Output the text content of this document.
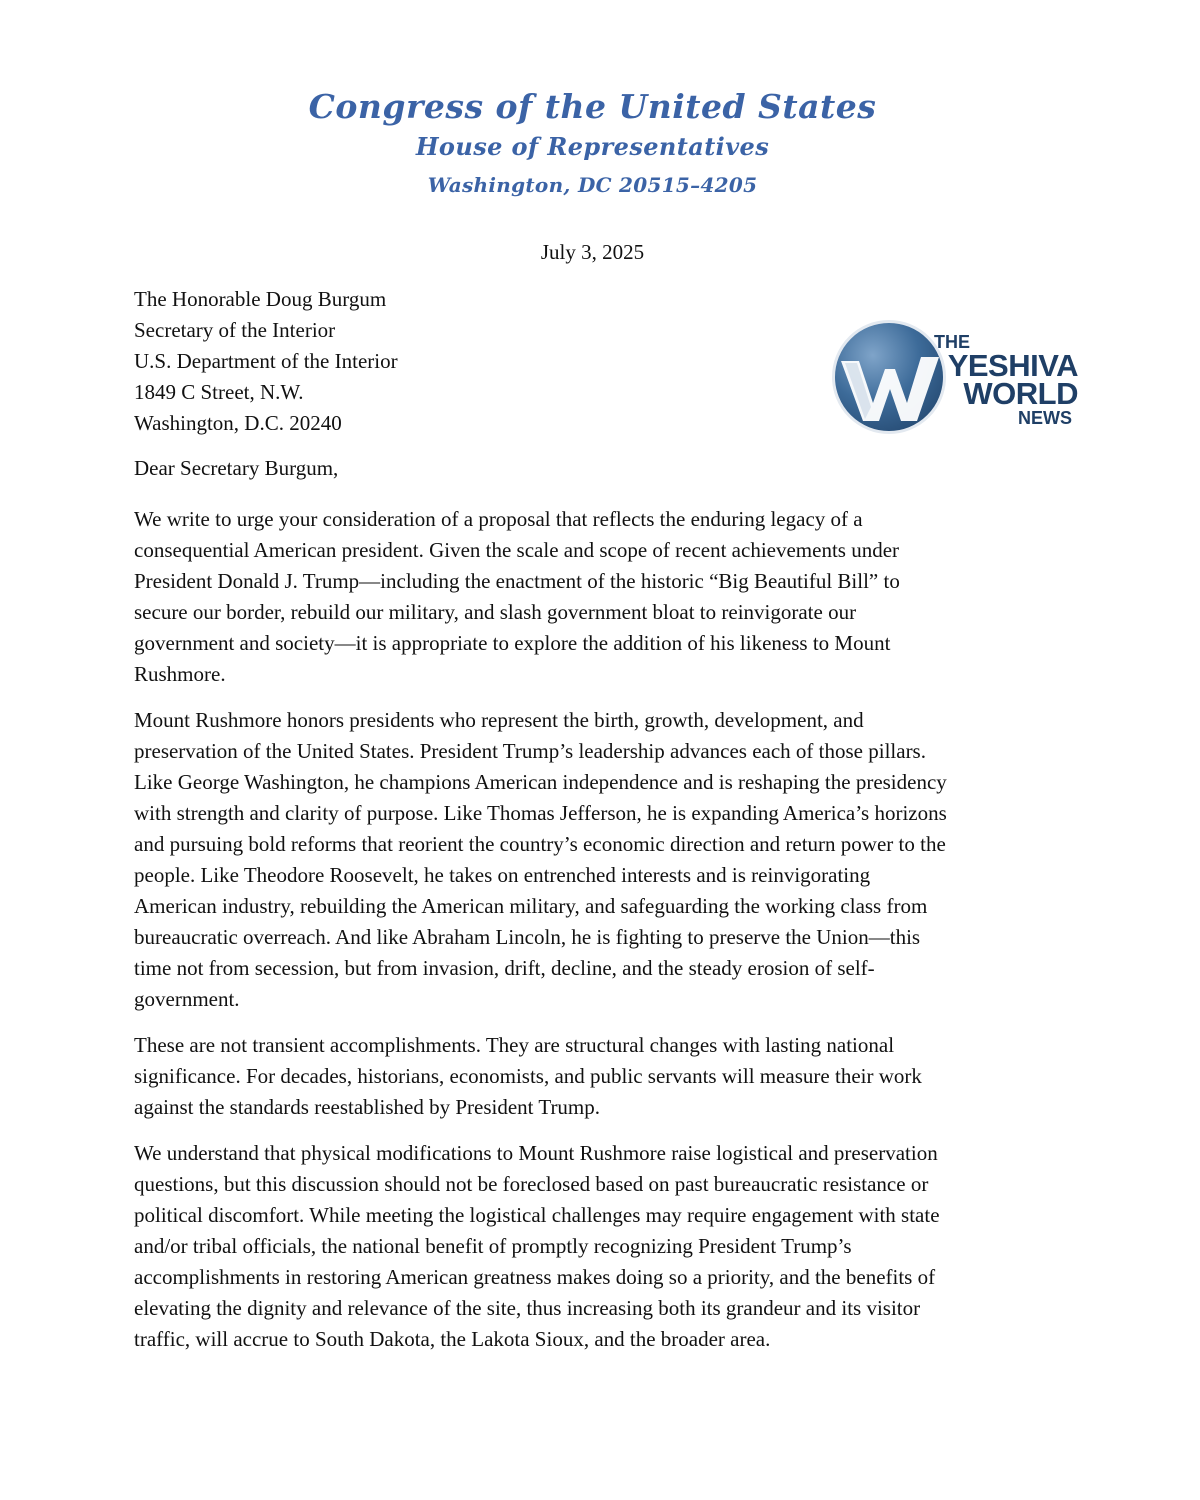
Congress of the United States
House of Representatives
Washington, DC 20515–4205
July 3, 2025
The Honorable Doug Burgum
Secretary of the Interior
U.S. Department of the Interior
1849 C Street, N.W.
Washington, D.C. 20240
THE
YESHIVA
WORLD
NEWS
Dear Secretary Burgum,

We write to urge your consideration of a proposal that reflects the enduring legacy of a
consequential American president. Given the scale and scope of recent achievements under
President Donald J. Trump—including the enactment of the historic “Big Beautiful Bill” to
secure our border, rebuild our military, and slash government bloat to reinvigorate our
government and society—it is appropriate to explore the addition of his likeness to Mount
Rushmore.

Mount Rushmore honors presidents who represent the birth, growth, development, and
preservation of the United States. President Trump’s leadership advances each of those pillars.
Like George Washington, he champions American independence and is reshaping the presidency
with strength and clarity of purpose. Like Thomas Jefferson, he is expanding America’s horizons
and pursuing bold reforms that reorient the country’s economic direction and return power to the
people. Like Theodore Roosevelt, he takes on entrenched interests and is reinvigorating
American industry, rebuilding the American military, and safeguarding the working class from
bureaucratic overreach. And like Abraham Lincoln, he is fighting to preserve the Union—this
time not from secession, but from invasion, drift, decline, and the steady erosion of self-
government.

These are not transient accomplishments. They are structural changes with lasting national
significance. For decades, historians, economists, and public servants will measure their work
against the standards reestablished by President Trump.

We understand that physical modifications to Mount Rushmore raise logistical and preservation
questions, but this discussion should not be foreclosed based on past bureaucratic resistance or
political discomfort. While meeting the logistical challenges may require engagement with state
and/or tribal officials, the national benefit of promptly recognizing President Trump’s
accomplishments in restoring American greatness makes doing so a priority, and the benefits of
elevating the dignity and relevance of the site, thus increasing both its grandeur and its visitor
traffic, will accrue to South Dakota, the Lakota Sioux, and the broader area.
